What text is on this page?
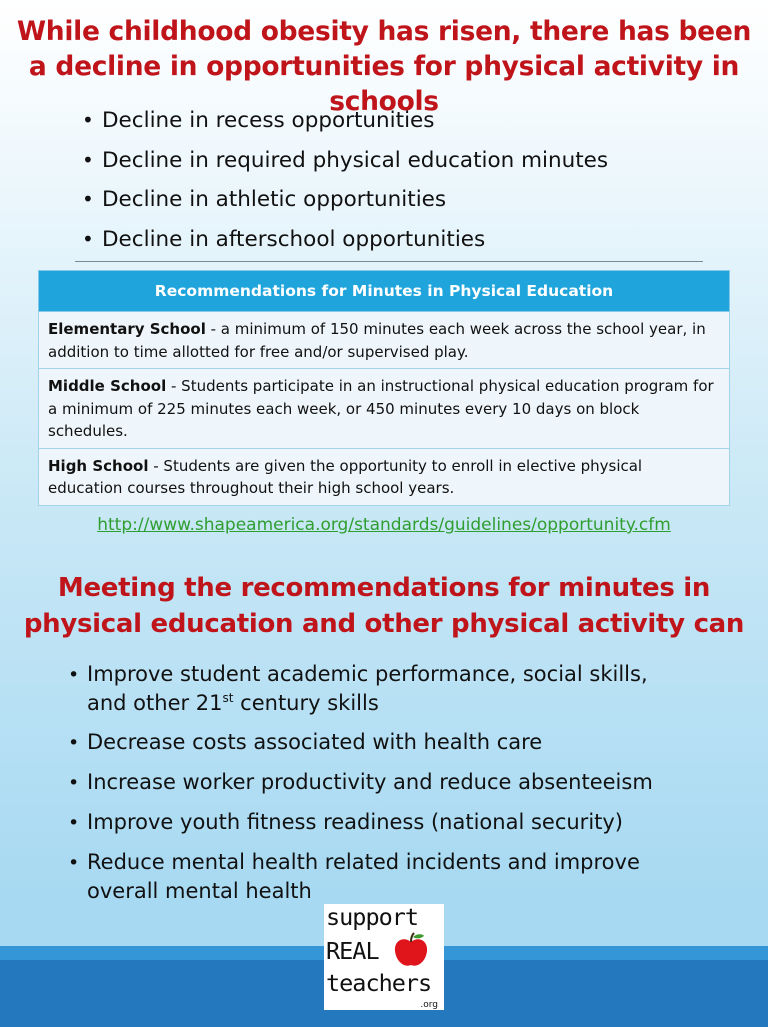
While childhood obesity has risen, there has been
a decline in opportunities for physical activity in schools
• Decline in recess opportunities
• Decline in required physical education minutes
• Decline in athletic opportunities
• Decline in afterschool opportunities
Recommendations for Minutes in Physical Education
Elementary School - a minimum of 150 minutes each week across the school year, in addition to time allotted for free and/or supervised play.
Middle School - Students participate in an instructional physical education program for a minimum of 225 minutes each week, or 450 minutes every 10 days on block schedules.
High School - Students are given the opportunity to enroll in elective physical education courses throughout their high school years.
http://www.shapeamerica.org/standards/guidelines/opportunity.cfm
Meeting the recommendations for minutes in
physical education and other physical activity can
• Improve student academic performance, social skills,
and other 21st century skills
• Decrease costs associated with health care
• Increase worker productivity and reduce absenteeism
• Improve youth fitness readiness (national security)
• Reduce mental health related incidents and improve
overall mental health
support
REAL
teachers
.org
